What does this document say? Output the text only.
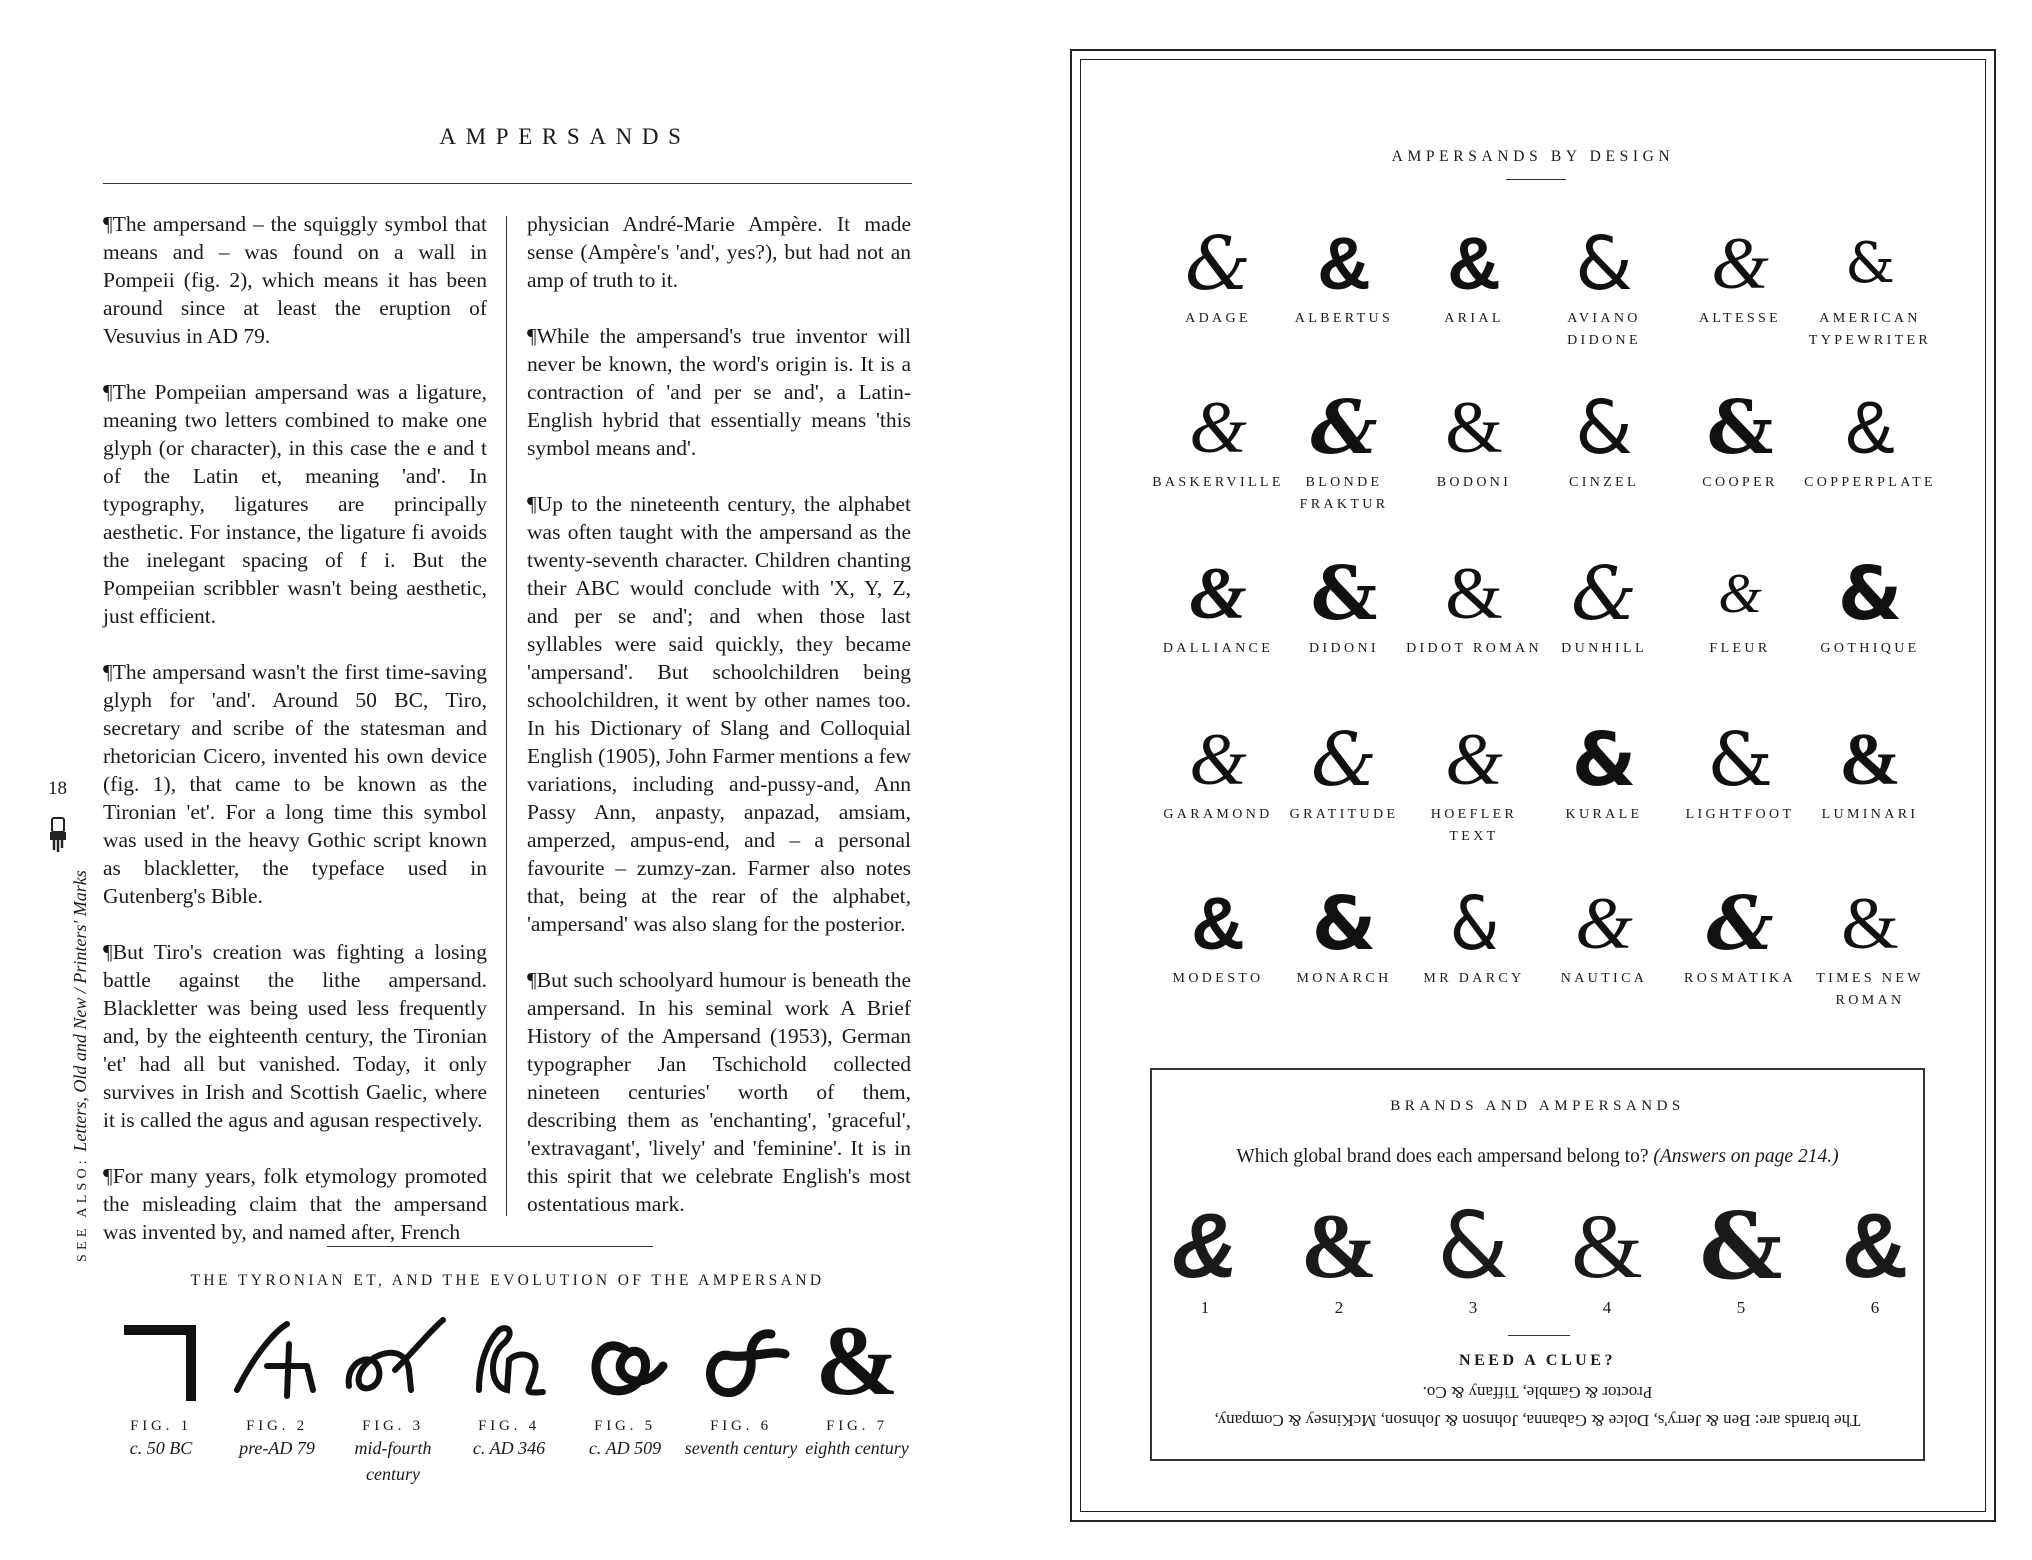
AMPERSANDS

¶The ampersand – the squiggly symbol that means and – was found on a wall in Pompeii (fig. 2), which means it has been around since at least the eruption of Vesuvius in AD 79.

¶The Pompeiian ampersand was a ligature, meaning two letters combined to make one glyph (or character), in this case the e and t of the Latin et, meaning 'and'. In typography, ligatures are principally aesthetic. For instance, the ligature fi avoids the inelegant spacing of f i. But the Pompeiian scribbler wasn't being aesthetic, just efficient.

¶The ampersand wasn't the first time-saving glyph for 'and'. Around 50 BC, Tiro, secretary and scribe of the statesman and rhetorician Cicero, invented his own device (fig. 1), that came to be known as the Tironian 'et'. For a long time this symbol was used in the heavy Gothic script known as blackletter, the typeface used in Gutenberg's Bible.

¶But Tiro's creation was fighting a losing battle against the lithe ampersand. Blackletter was being used less frequently and, by the eighteenth century, the Tironian 'et' had all but vanished. Today, it only survives in Irish and Scottish Gaelic, where it is called the agus and agusan respectively.

¶For many years, folk etymology promoted the misleading claim that the ampersand was invented by, and named after, French

physician André-Marie Ampère. It made sense (Ampère's 'and', yes?), but had not an amp of truth to it.

¶While the ampersand's true inventor will never be known, the word's origin is. It is a contraction of 'and per se and', a Latin-English hybrid that essentially means 'this symbol means and'.

¶Up to the nineteenth century, the alphabet was often taught with the ampersand as the twenty-seventh character. Children chanting their ABC would conclude with 'X, Y, Z, and per se and'; and when those last syllables were said quickly, they became 'ampersand'. But schoolchildren being schoolchildren, it went by other names too. In his Dictionary of Slang and Colloquial English (1905), John Farmer mentions a few variations, including and-pussy-and, Ann Passy Ann, anpasty, anpazad, amsiam, amperzed, ampus-end, and – a personal favourite – zumzy-zan. Farmer also notes that, being at the rear of the alphabet, 'ampersand' was also slang for the posterior.

¶But such schoolyard humour is beneath the ampersand. In his seminal work A Brief History of the Ampersand (1953), German typographer Jan Tschichold collected nineteen centuries' worth of them, describing them as 'enchanting', 'graceful', 'extravagant', 'lively' and 'feminine'. It is in this spirit that we celebrate English's most ostentatious mark.

18
SEE ALSO: Letters, Old and New / Printers' Marks
THE TYRONIAN ET, AND THE EVOLUTION OF THE AMPERSAND
FIG. 1
c. 50 BC
FIG. 2
pre-AD 79
FIG. 3
mid-fourth century
FIG. 4
c. AD 346
FIG. 5
c. AD 509
FIG. 6
seventh century
&
FIG. 7
eighth century
AMPERSANDS BY DESIGN
&
ADAGE
&
ALBERTUS
&
ARIAL
&
AVIANO DIDONE
&
ALTESSE
&
AMERICAN TYPEWRITER
&
BASKERVILLE
&
BLONDE FRAKTUR
&
BODONI
&
CINZEL
&
COOPER
&
COPPERPLATE
&
DALLIANCE
&
DIDONI
&
DIDOT ROMAN
&
DUNHILL
&
FLEUR
&
GOTHIQUE
&
GARAMOND
&
GRATITUDE
&
HOEFLER TEXT
&
KURALE
&
LIGHTFOOT
&
LUMINARI
&
MODESTO
&
MONARCH
&
MR DARCY
&
NAUTICA
&
ROSMATIKA
&
TIMES NEW ROMAN
BRANDS AND AMPERSANDS
Which global brand does each ampersand belong to? (Answers on page 214.)
&
1
&
2
&
3
&
4
&
5
&
6
NEED A CLUE?
The brands are: Ben & Jerry's, Dolce & Gabanna, Johnson & Johnson, McKinsey & Company, Proctor & Gamble, Tiffany & Co.
